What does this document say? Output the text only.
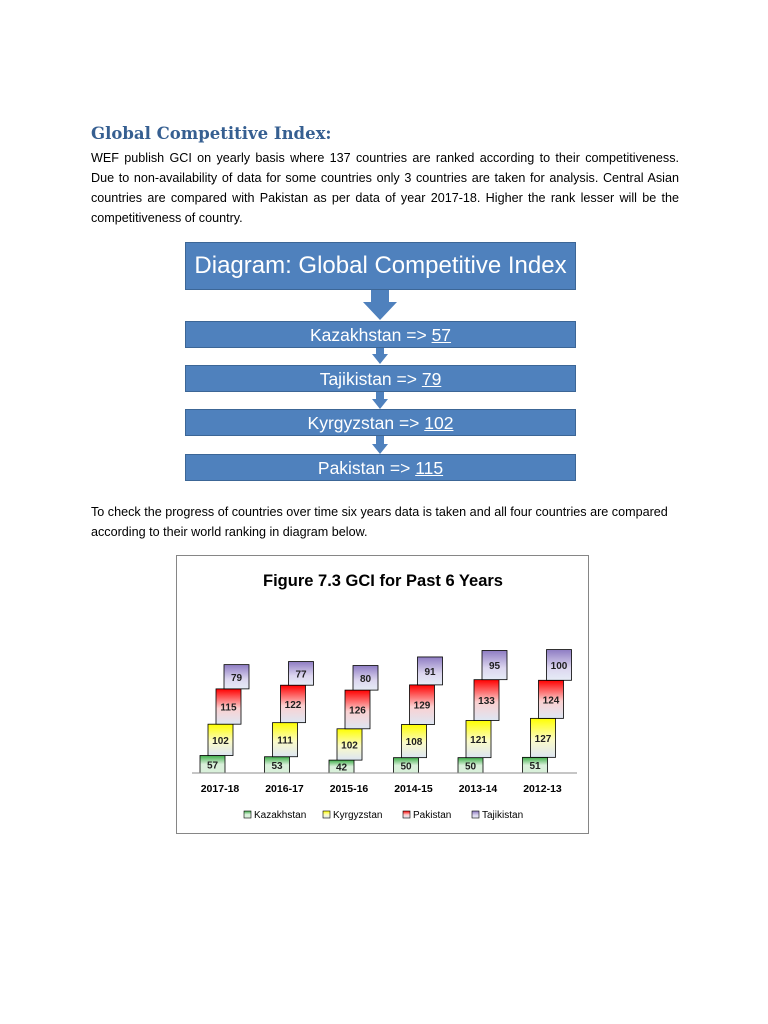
Global Competitive Index:

WEF publish GCI on yearly basis where 137 countries are ranked according to their competitiveness. Due to non-availability of data for some countries only 3 countries are taken for analysis. Central Asian countries are compared with Pakistan as per data of year 2017-18. Higher the rank lesser will be the competitiveness of country.

Diagram: Global Competitive Index
Kazakhstan => 57
Tajikistan => 79
Kyrgyzstan => 102
Pakistan => 115

To check the progress of countries over time six years data is taken and all four countries are compared according to their world ranking in diagram below.

Figure 7.3 GCI for Past 6 Years
57
102
115
79
53
111
122
77
42
102
126
80
50
108
129
91
50
121
133
95
51
127
124
100
2017-18 2016-17 2015-16 2014-15 2013-14 2012-13
Kazakhstan	Kyrgyzstan	Pakistan	Tajikistan
